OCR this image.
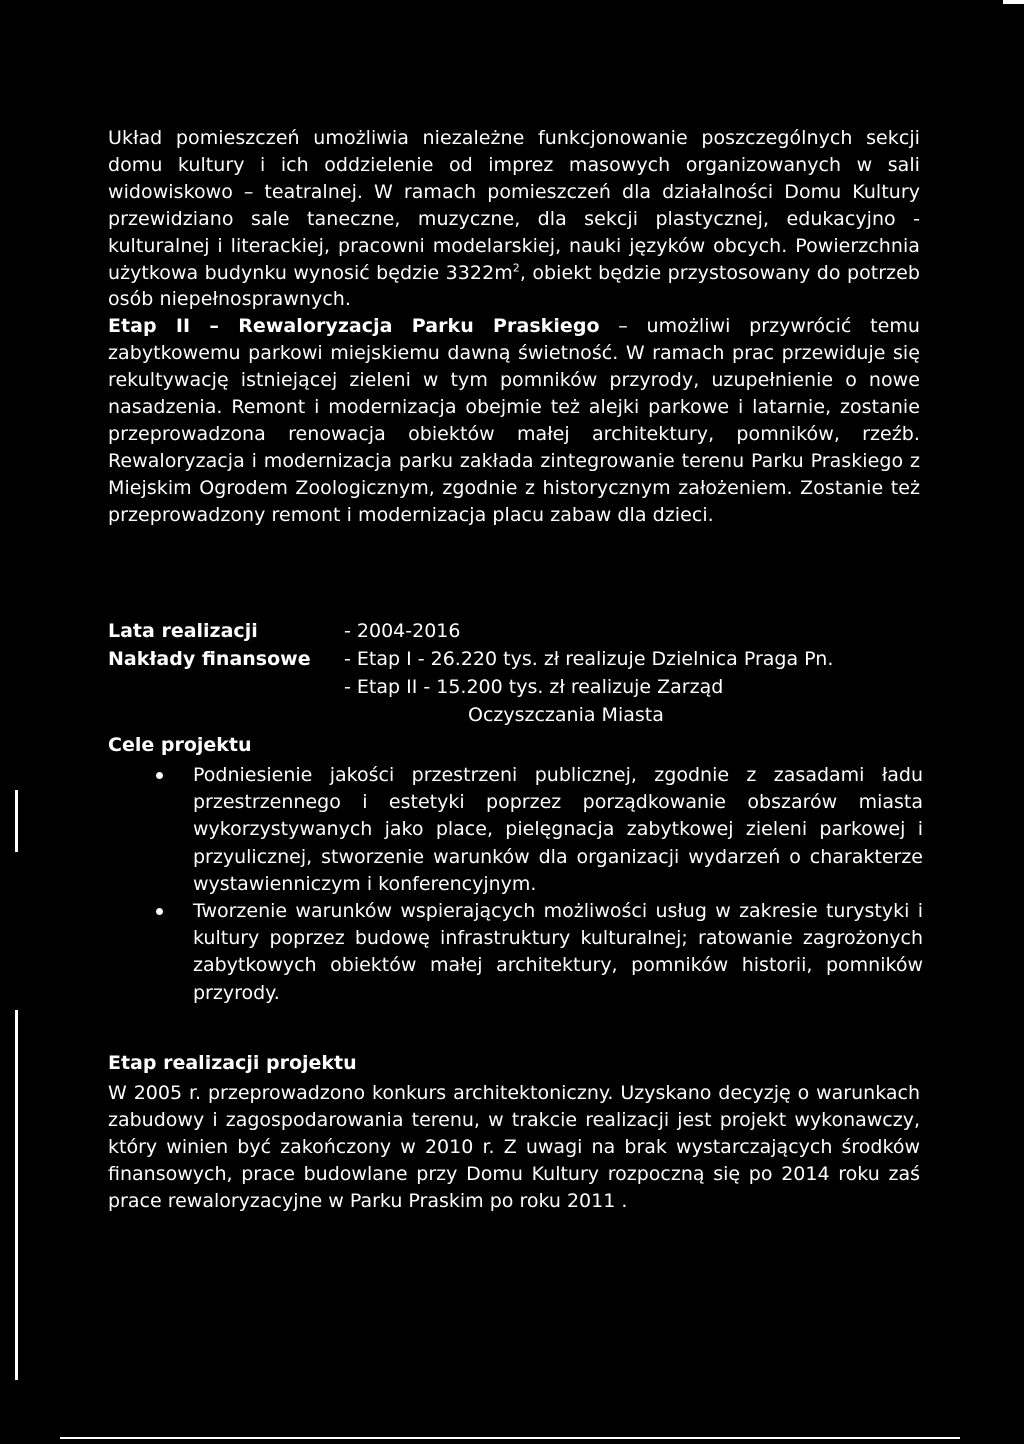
Układ pomieszczeń umożliwia niezależne funkcjonowanie poszczególnych sekcji domu kultury i ich oddzielenie od imprez masowych organizowanych w sali widowiskowo – teatralnej. W ramach pomieszczeń dla działalności Domu Kultury przewidziano sale taneczne, muzyczne, dla sekcji plastycznej, edukacyjno - kulturalnej i literackiej, pracowni modelarskiej, nauki języków obcych. Powierzchnia użytkowa budynku wynosić będzie $3322m^2$, obiekt będzie przystosowany do potrzeb osób niepełnosprawnych.
Etap II – Rewaloryzacja Parku Praskiego – umożliwi przywrócić temu zabytkowemu parkowi miejskiemu dawną świetność. W ramach prac przewiduje się rekultywację istniejącej zieleni w tym pomników przyrody, uzupełnienie o nowe nasadzenia. Remont i modernizacja obejmie też alejki parkowe i latarnie, zostanie przeprowadzona renowacja obiektów małej architektury, pomników, rzeźb. Rewaloryzacja i modernizacja parku zakłada zintegrowanie terenu Parku Praskiego z Miejskim Ogrodem Zoologicznym, zgodnie z historycznym założeniem. Zostanie też przeprowadzony remont i modernizacja placu zabaw dla dzieci.

Lata realizacji	- 2004-2016
Nakłady finansowe	- Etap I - 26.220 tys. zł realizuje Dzielnica Praga Pn.
- Etap II - 15.200 tys. zł realizuje Zarząd
Oczyszczania Miasta
Cele projektu
Podniesienie jakości przestrzeni publicznej, zgodnie z zasadami ładu przestrzennego i estetyki poprzez porządkowanie obszarów miasta wykorzystywanych jako place, pielęgnacja zabytkowej zieleni parkowej i przyulicznej, stworzenie warunków dla organizacji wydarzeń o charakterze wystawienniczym i konferencyjnym.
Tworzenie warunków wspierających możliwości usług w zakresie turystyki i kultury poprzez budowę infrastruktury kulturalnej; ratowanie zagrożonych zabytkowych obiektów małej architektury, pomników historii, pomników przyrody.
Etap realizacji projektu

W 2005 r. przeprowadzono konkurs architektoniczny. Uzyskano decyzję o warunkach zabudowy i zagospodarowania terenu, w trakcie realizacji jest projekt wykonawczy, który winien być zakończony w 2010 r. Z uwagi na brak wystarczających środków finansowych, prace budowlane przy Domu Kultury rozpoczną się po 2014 roku zaś prace rewaloryzacyjne w Parku Praskim po roku 2011 .
